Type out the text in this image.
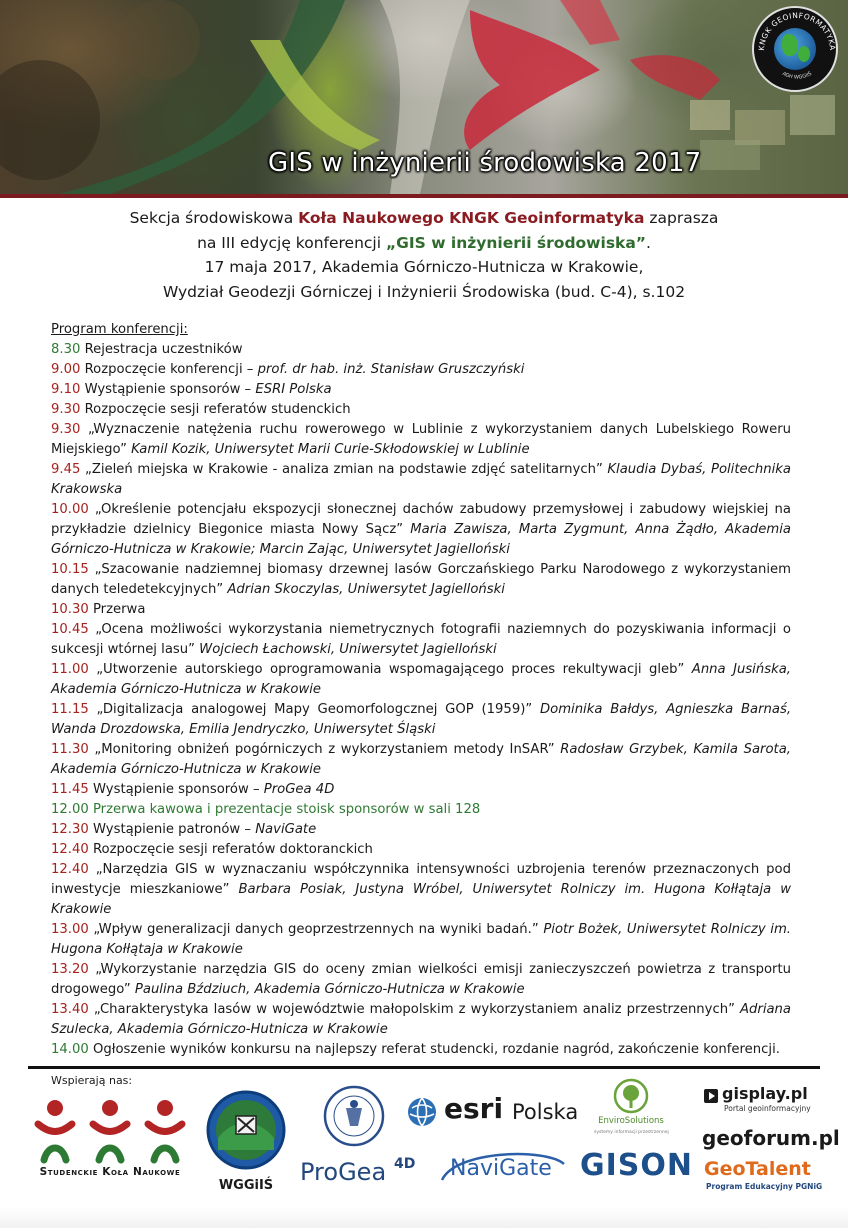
KNGK GEOINFORMATYKA
AGH WGGiIŚ
GIS w inżynierii środowiska 2017
Sekcja środowiskowa Koła Naukowego KNGK Geoinformatyka zaprasza
na III edycję konferencji „GIS w inżynierii środowiska”.
17 maja 2017, Akademia Górniczo-Hutnicza w Krakowie,
Wydział Geodezji Górniczej i Inżynierii Środowiska (bud. C-4), s.102
Program konferencji:
8.30 Rejestracja uczestników
9.00 Rozpoczęcie konferencji – prof. dr hab. inż. Stanisław Gruszczyński
9.10 Wystąpienie sponsorów – ESRI Polska
9.30 Rozpoczęcie sesji referatów studenckich
9.30 „Wyznaczenie natężenia ruchu rowerowego w Lublinie z wykorzystaniem danych Lubelskiego Roweru Miejskiego” Kamil Kozik, Uniwersytet Marii Curie-Skłodowskiej w Lublinie
9.45 „Zieleń miejska w Krakowie - analiza zmian na podstawie zdjęć satelitarnych” Klaudia Dybaś, Politechnika Krakowska
10.00 „Określenie potencjału ekspozycji słonecznej dachów zabudowy przemysłowej i zabudowy wiejskiej na przykładzie dzielnicy Biegonice miasta Nowy Sącz” Maria Zawisza, Marta Zygmunt, Anna Żądło, Akademia Górniczo-Hutnicza w Krakowie; Marcin Zając, Uniwersytet Jagielloński
10.15 „Szacowanie nadziemnej biomasy drzewnej lasów Gorczańskiego Parku Narodowego z wykorzystaniem danych teledetekcyjnych” Adrian Skoczylas, Uniwersytet Jagielloński
10.30 Przerwa
10.45 „Ocena możliwości wykorzystania niemetrycznych fotografii naziemnych do pozyskiwania informacji o sukcesji wtórnej lasu” Wojciech Łachowski, Uniwersytet Jagielloński
11.00 „Utworzenie autorskiego oprogramowania wspomagającego proces rekultywacji gleb” Anna Jusińska, Akademia Górniczo-Hutnicza w Krakowie
11.15 „Digitalizacja analogowej Mapy Geomorfologcznej GOP (1959)” Dominika Bałdys, Agnieszka Barnaś, Wanda Drozdowska, Emilia Jendryczko, Uniwersytet Śląski
11.30 „Monitoring obniżeń pogórniczych z wykorzystaniem metody InSAR” Radosław Grzybek, Kamila Sarota, Akademia Górniczo-Hutnicza w Krakowie
11.45 Wystąpienie sponsorów – ProGea 4D
12.00 Przerwa kawowa i prezentacje stoisk sponsorów w sali 128
12.30 Wystąpienie patronów – NaviGate
12.40 Rozpoczęcie sesji referatów doktoranckich
12.40 „Narzędzia GIS w wyznaczaniu współczynnika intensywności uzbrojenia terenów przeznaczonych pod inwestycje mieszkaniowe” Barbara Posiak, Justyna Wróbel, Uniwersytet Rolniczy im. Hugona Kołłątaja w Krakowie
13.00 „Wpływ generalizacji danych geoprzestrzennych na wyniki badań.” Piotr Bożek, Uniwersytet Rolniczy im. Hugona Kołłątaja w Krakowie
13.20 „Wykorzystanie narzędzia GIS do oceny zmian wielkości emisji zanieczyszczeń powietrza z transportu drogowego” Paulina Bździuch, Akademia Górniczo-Hutnicza w Krakowie
13.40 „Charakterystyka lasów w województwie małopolskim z wykorzystaniem analiz przestrzennych” Adriana Szulecka, Akademia Górniczo-Hutnicza w Krakowie
14.00 Ogłoszenie wyników konkursu na najlepszy referat studencki, rozdanie nagród, zakończenie konferencji.
Wspierają nas:
Studenckie Koła Naukowe
WGGiIŚ	ProGea 4D
esri Polska
NaviGate
EnviroSolutions
systemy informacji przestrzennej
GISON
gisplay.pl
Portal geoinformacyjny
geoforum.pl
GeoTalent
Program Edukacyjny PGNiG
